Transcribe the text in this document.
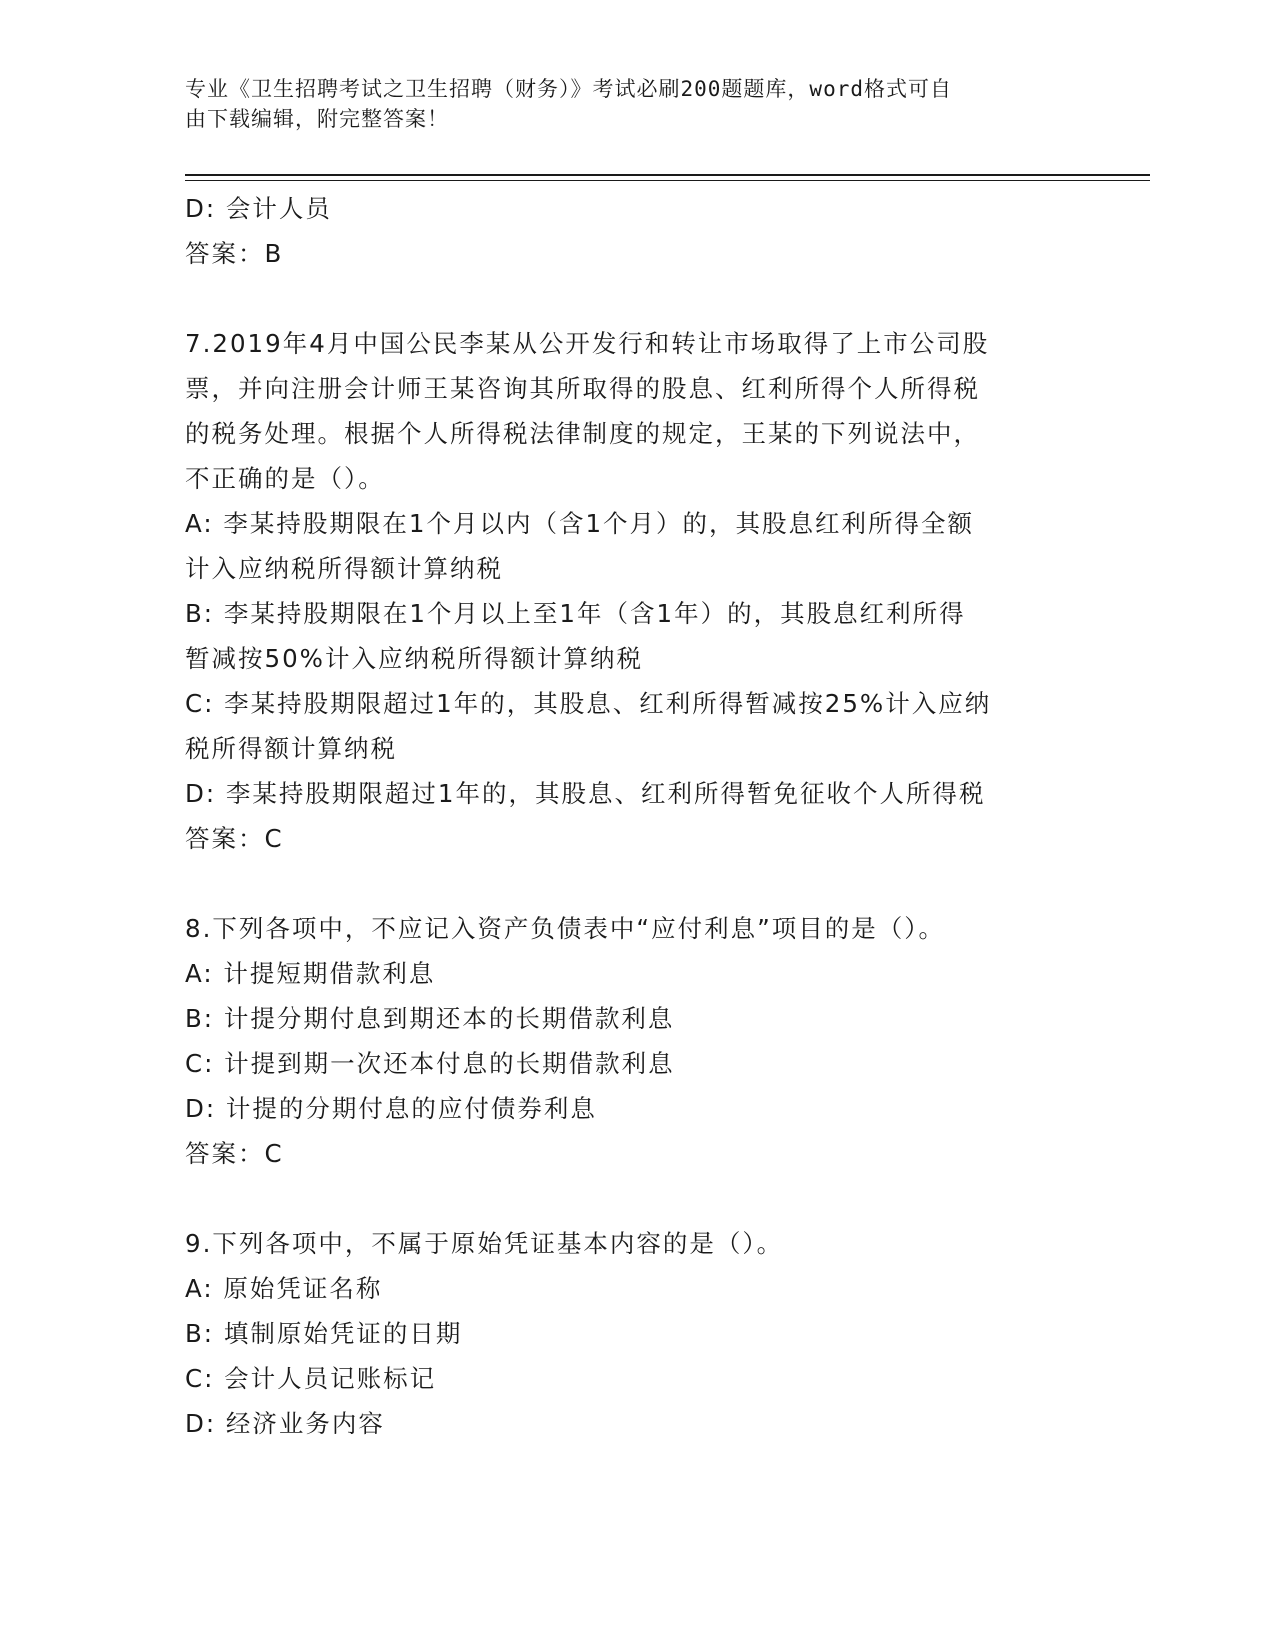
专业《卫生招聘考试之卫生招聘（财务）》考试必刷200题题库，word格式可自
由下载编辑，附完整答案！
D: 会计人员
答案：B
7.2019年4月中国公民李某从公开发行和转让市场取得了上市公司股
票，并向注册会计师王某咨询其所取得的股息、红利所得个人所得税
的税务处理。根据个人所得税法律制度的规定，王某的下列说法中，
不正确的是（）。
A: 李某持股期限在1个月以内（含1个月）的，其股息红利所得全额
计入应纳税所得额计算纳税
B: 李某持股期限在1个月以上至1年（含1年）的，其股息红利所得
暂减按50%计入应纳税所得额计算纳税
C: 李某持股期限超过1年的，其股息、红利所得暂减按25%计入应纳
税所得额计算纳税
D: 李某持股期限超过1年的，其股息、红利所得暂免征收个人所得税
答案：C
8.下列各项中，不应记入资产负债表中“应付利息”项目的是（）。
A: 计提短期借款利息
B: 计提分期付息到期还本的长期借款利息
C: 计提到期一次还本付息的长期借款利息
D: 计提的分期付息的应付债券利息
答案：C
9.下列各项中，不属于原始凭证基本内容的是（）。
A: 原始凭证名称
B: 填制原始凭证的日期
C: 会计人员记账标记
D: 经济业务内容
